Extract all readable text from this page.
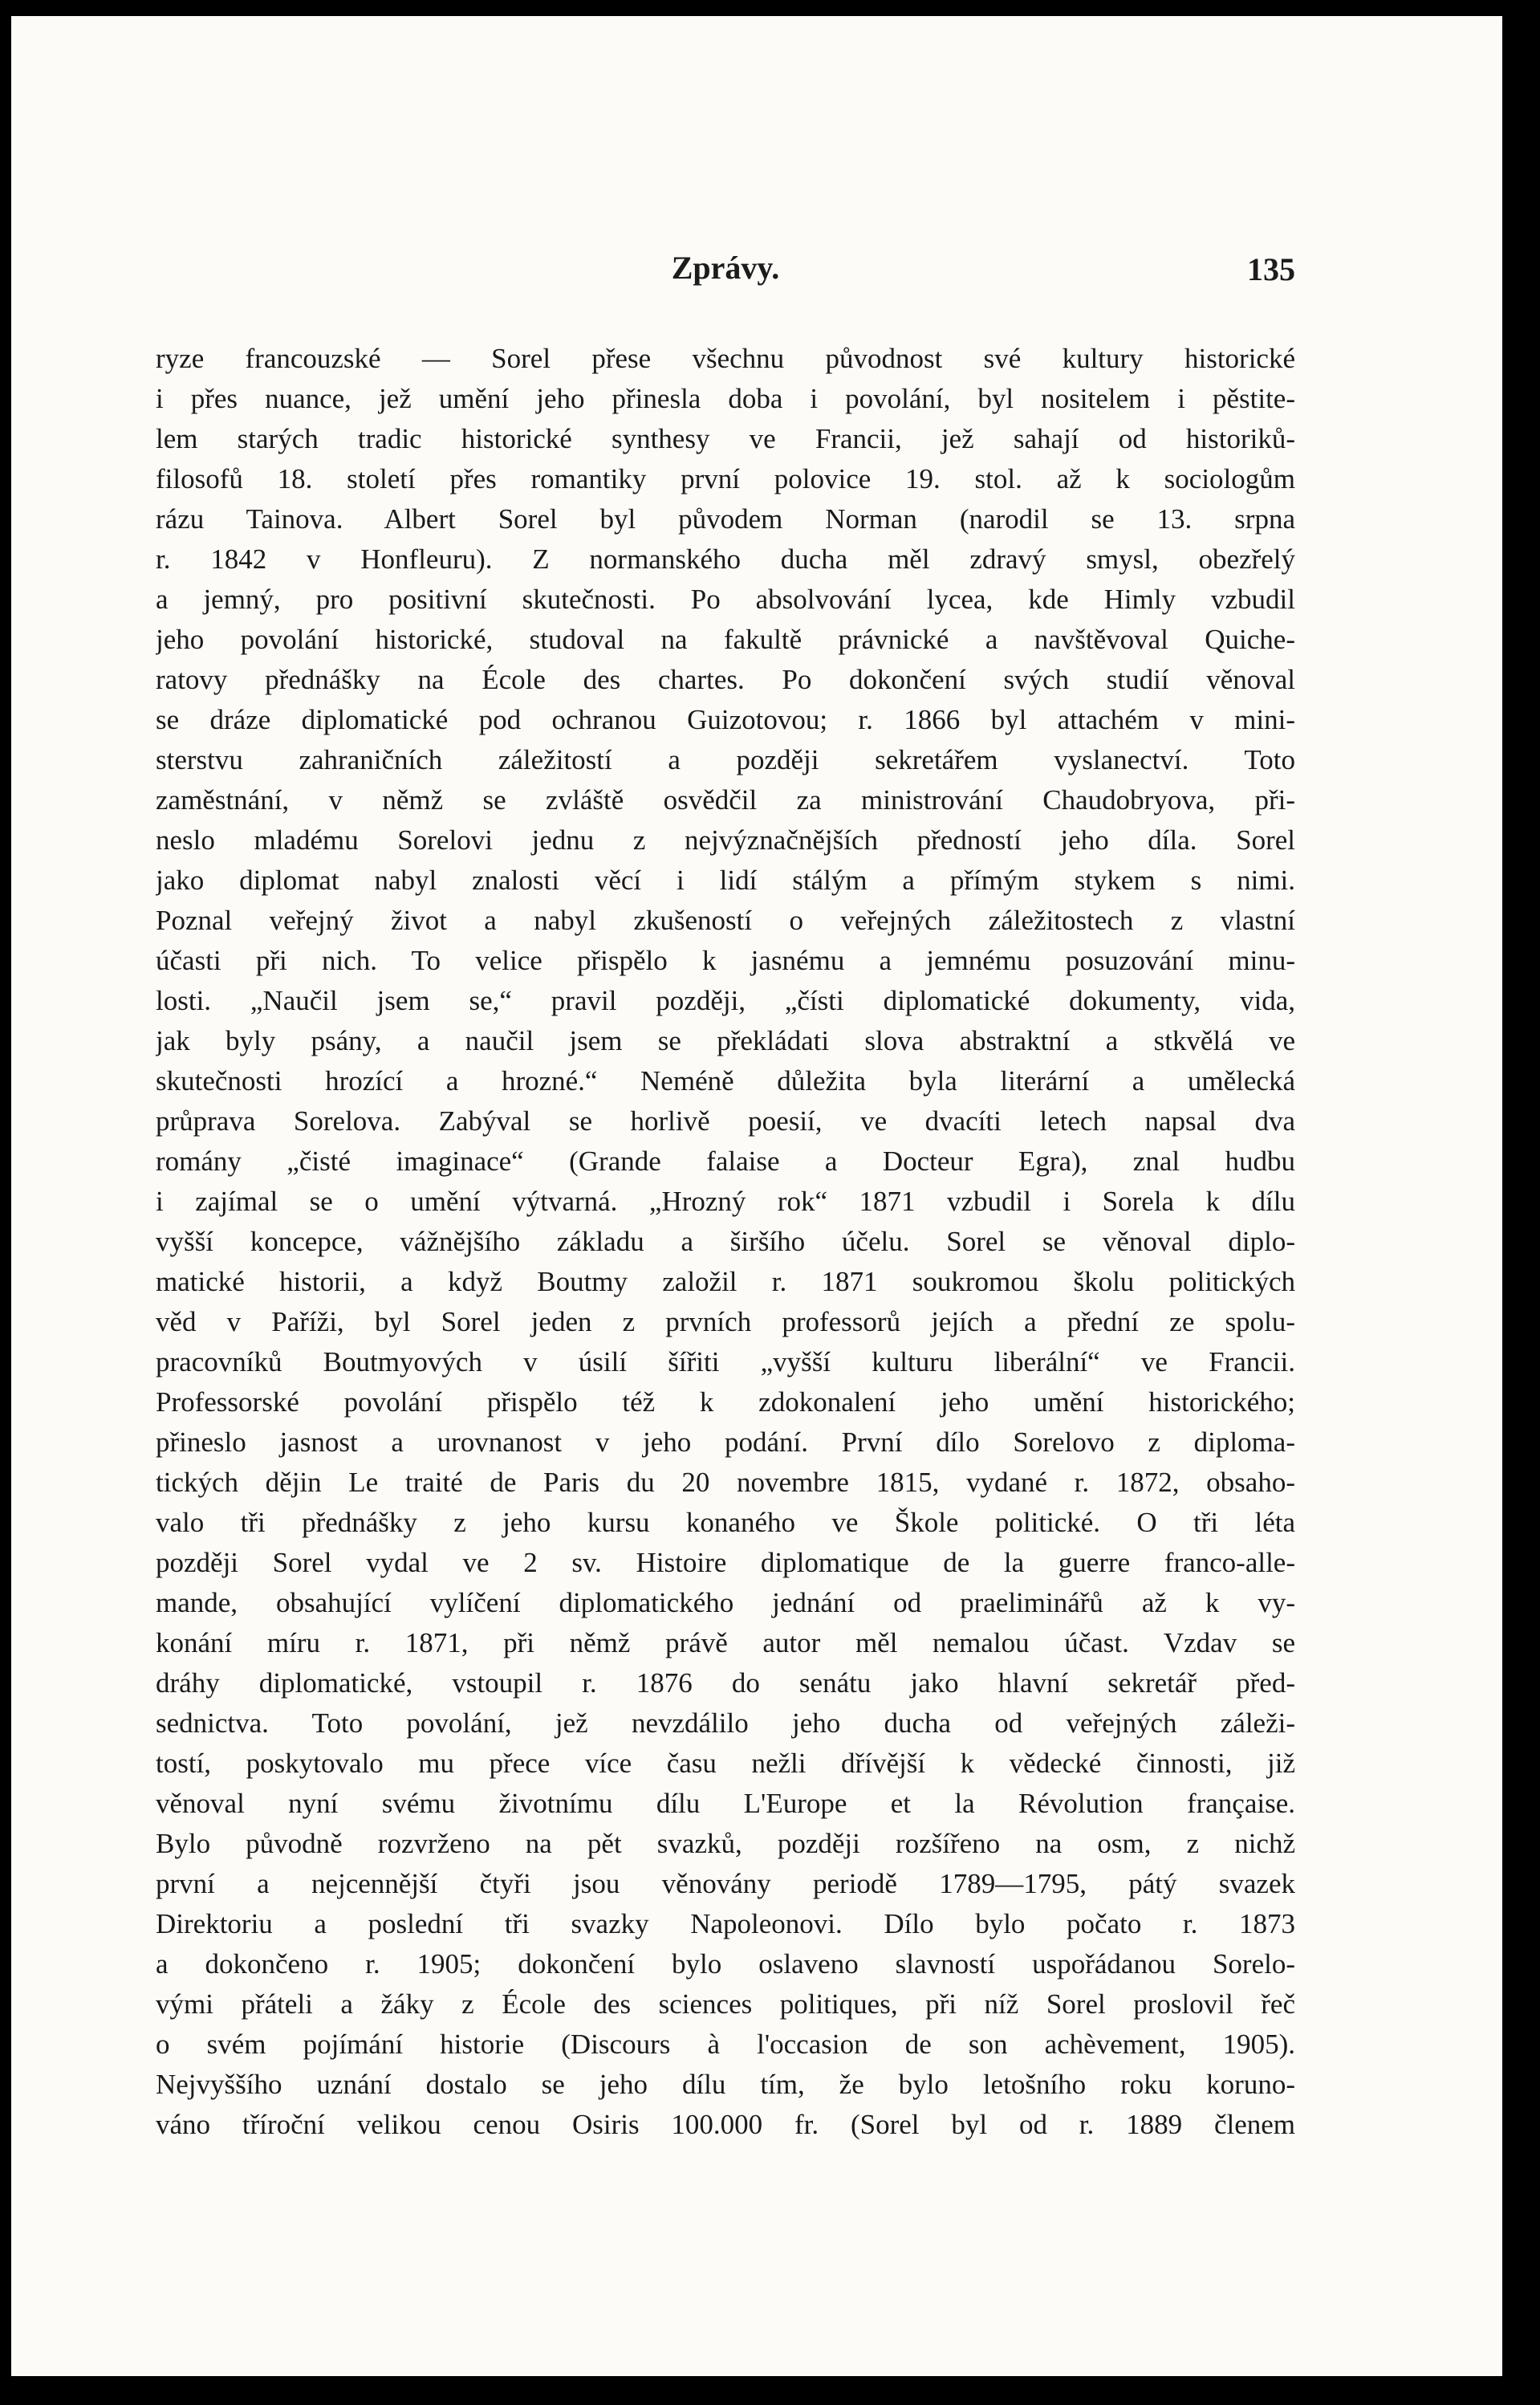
Zprávy.	135
ryze francouzské — Sorel přese všechnu původnost své kultury historické
i přes nuance, jež umění jeho přinesla doba i povolání, byl nositelem i pěstite-
lem starých tradic historické synthesy ve Francii, jež sahají od historiků-
filosofů 18. století přes romantiky první polovice 19. stol. až k sociologům
rázu Tainova. Albert Sorel byl původem Norman (narodil se 13. srpna
r. 1842 v Honfleuru). Z normanského ducha měl zdravý smysl, obezřelý
a jemný, pro positivní skutečnosti. Po absolvování lycea, kde Himly vzbudil
jeho povolání historické, studoval na fakultě právnické a navštěvoval Quiche-
ratovy přednášky na École des chartes. Po dokončení svých studií věnoval
se dráze diplomatické pod ochranou Guizotovou; r. 1866 byl attachém v mini-
sterstvu zahraničních záležitostí a později sekretářem vyslanectví. Toto
zaměstnání, v němž se zvláště osvědčil za ministrování Chaudobryova, při-
neslo mladému Sorelovi jednu z nejvýznačnějších předností jeho díla. Sorel
jako diplomat nabyl znalosti věcí i lidí stálým a přímým stykem s nimi.
Poznal veřejný život a nabyl zkušeností o veřejných záležitostech z vlastní
účasti při nich. To velice přispělo k jasnému a jemnému posuzování minu-
losti. „Naučil jsem se,“ pravil později, „čísti diplomatické dokumenty, vida,
jak byly psány, a naučil jsem se překládati slova abstraktní a stkvělá ve
skutečnosti hrozící a hrozné.“ Neméně důležita byla literární a umělecká
průprava Sorelova. Zabýval se horlivě poesií, ve dvacíti letech napsal dva
romány „čisté imaginace“ (Grande falaise a Docteur Egra), znal hudbu
i zajímal se o umění výtvarná. „Hrozný rok“ 1871 vzbudil i Sorela k dílu
vyšší koncepce, vážnějšího základu a širšího účelu. Sorel se věnoval diplo-
matické historii, a když Boutmy založil r. 1871 soukromou školu politických
věd v Paříži, byl Sorel jeden z prvních professorů jejích a přední ze spolu-
pracovníků Boutmyových v úsilí šířiti „vyšší kulturu liberální“ ve Francii.
Professorské povolání přispělo též k zdokonalení jeho umění historického;
přineslo jasnost a urovnanost v jeho podání. První dílo Sorelovo z diploma-
tických dějin Le traité de Paris du 20 novembre 1815, vydané r. 1872, obsaho-
valo tři přednášky z jeho kursu konaného ve Škole politické. O tři léta
později Sorel vydal ve 2 sv. Histoire diplomatique de la guerre franco-alle-
mande, obsahující vylíčení diplomatického jednání od praeliminářů až k vy-
konání míru r. 1871, při němž právě autor měl nemalou účast. Vzdav se
dráhy diplomatické, vstoupil r. 1876 do senátu jako hlavní sekretář před-
sednictva. Toto povolání, jež nevzdálilo jeho ducha od veřejných záleži-
tostí, poskytovalo mu přece více času nežli dřívější k vědecké činnosti, již
věnoval nyní svému životnímu dílu L'Europe et la Révolution française.
Bylo původně rozvrženo na pět svazků, později rozšířeno na osm, z nichž
první a nejcennější čtyři jsou věnovány periodě 1789—1795, pátý svazek
Direktoriu a poslední tři svazky Napoleonovi. Dílo bylo počato r. 1873
a dokončeno r. 1905; dokončení bylo oslaveno slavností uspořádanou Sorelo-
vými přáteli a žáky z École des sciences politiques, při níž Sorel proslovil řeč
o svém pojímání historie (Discours à l'occasion de son achèvement, 1905).
Nejvyššího uznání dostalo se jeho dílu tím, že bylo letošního roku koruno-
váno tříroční velikou cenou Osiris 100.000 fr. (Sorel byl od r. 1889 členem
